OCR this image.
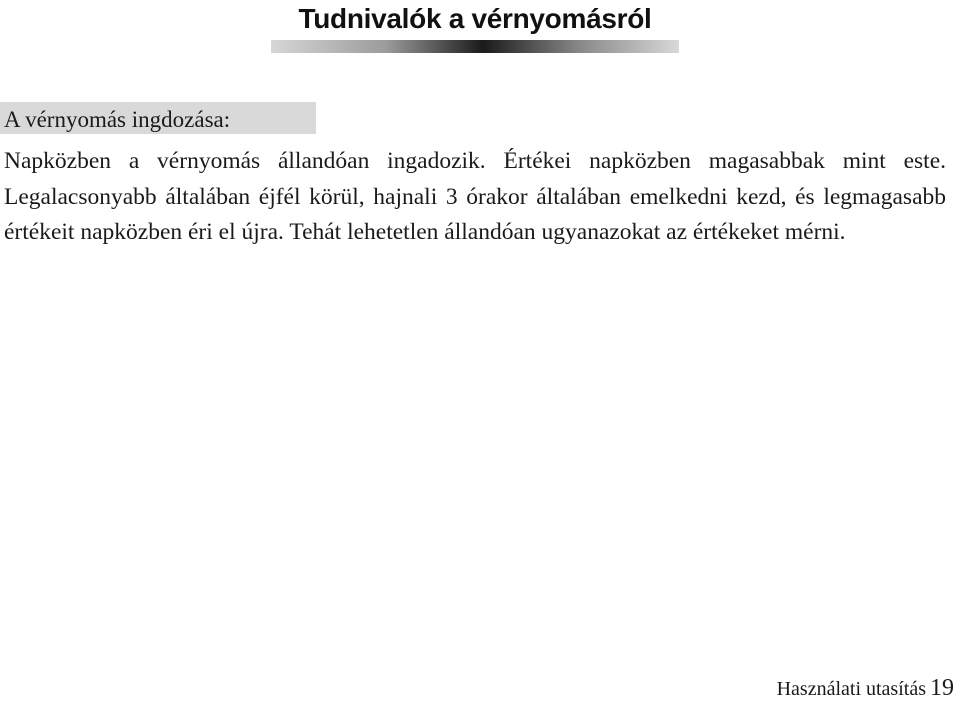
Tudnivalók a vérnyomásról
A vérnyomás ingdozása:

Napközben a vérnyomás állandóan ingadozik. Értékei napközben magasabbak mint este. Legalacsonyabb általában éjfél körül, hajnali 3 órakor általában emelkedni kezd, és legmagasabb értékeit napközben éri el újra. Tehát lehetetlen állandóan ugyanazokat az értékeket mérni.

Használati utasítás 19
